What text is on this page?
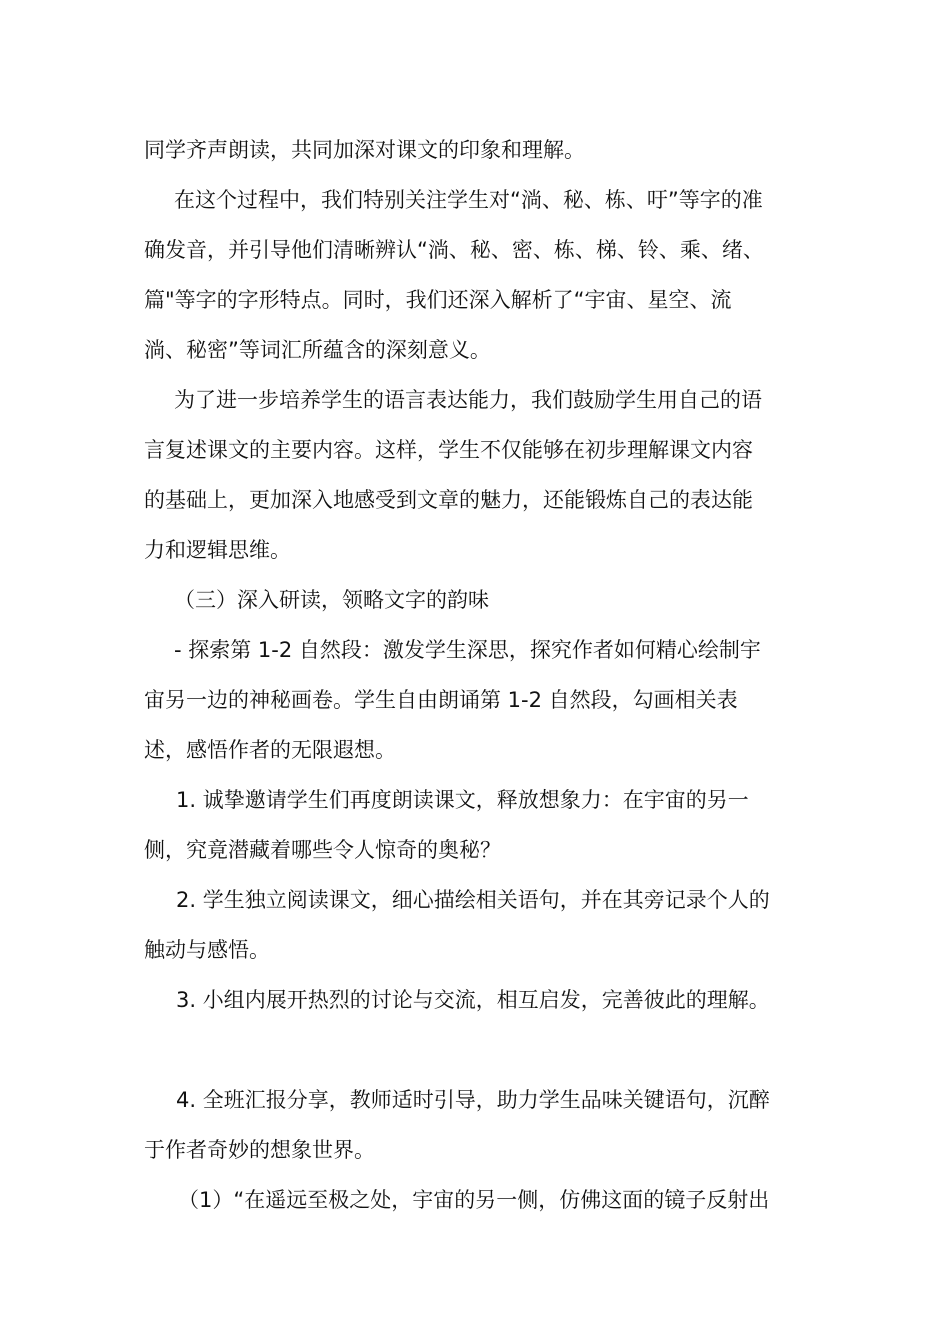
同学齐声朗读，共同加深对课文的印象和理解。
在这个过程中，我们特别关注学生对“淌、秘、栋、吁”等字的准
确发音，并引导他们清晰辨认“淌、秘、密、栋、梯、铃、乘、绪、
篇"等字的字形特点。同时，我们还深入解析了“宇宙、星空、流
淌、秘密”等词汇所蕴含的深刻意义。
为了进一步培养学生的语言表达能力，我们鼓励学生用自己的语
言复述课文的主要内容。这样，学生不仅能够在初步理解课文内容
的基础上，更加深入地感受到文章的魅力，还能锻炼自己的表达能
力和逻辑思维。
（三）深入研读，领略文字的韵味
- 探索第 1-2 自然段：激发学生深思，探究作者如何精心绘制宇
宙另一边的神秘画卷。学生自由朗诵第 1-2 自然段，勾画相关表
述，感悟作者的无限遐想。
1. 诚挚邀请学生们再度朗读课文，释放想象力：在宇宙的另一
侧，究竟潜藏着哪些令人惊奇的奥秘？
2. 学生独立阅读课文，细心描绘相关语句，并在其旁记录个人的
触动与感悟。
3. 小组内展开热烈的讨论与交流，相互启发，完善彼此的理解。
4. 全班汇报分享，教师适时引导，助力学生品味关键语句，沉醉
于作者奇妙的想象世界。
（1）“在遥远至极之处，宇宙的另一侧，仿佛这面的镜子反射出
